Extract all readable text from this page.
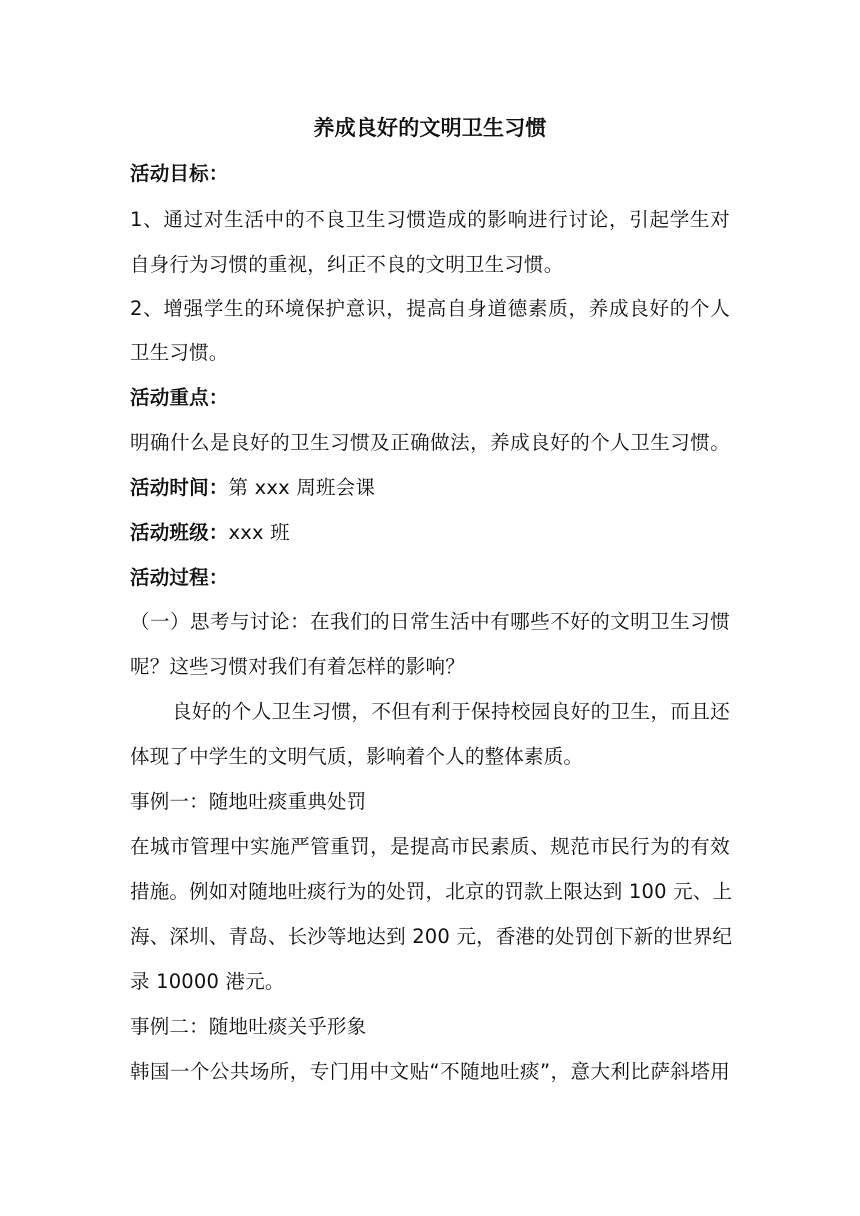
养成良好的文明卫生习惯
活动目标：
1、通过对生活中的不良卫生习惯造成的影响进行讨论，引起学生对
自身行为习惯的重视，纠正不良的文明卫生习惯。
2、增强学生的环境保护意识，提高自身道德素质，养成良好的个人
卫生习惯。
活动重点：
明确什么是良好的卫生习惯及正确做法，养成良好的个人卫生习惯。
活动时间：第 xxx 周班会课
活动班级：xxx 班
活动过程：
（一）思考与讨论：在我们的日常生活中有哪些不好的文明卫生习惯
呢？这些习惯对我们有着怎样的影响？
良好的个人卫生习惯，不但有利于保持校园良好的卫生，而且还
体现了中学生的文明气质，影响着个人的整体素质。
事例一：随地吐痰重典处罚
在城市管理中实施严管重罚，是提高市民素质、规范市民行为的有效
措施。例如对随地吐痰行为的处罚，北京的罚款上限达到 100 元、上
海、深圳、青岛、长沙等地达到 200 元，香港的处罚创下新的世界纪
录 10000 港元。
事例二：随地吐痰关乎形象
韩国一个公共场所，专门用中文贴“不随地吐痰”，意大利比萨斜塔用
